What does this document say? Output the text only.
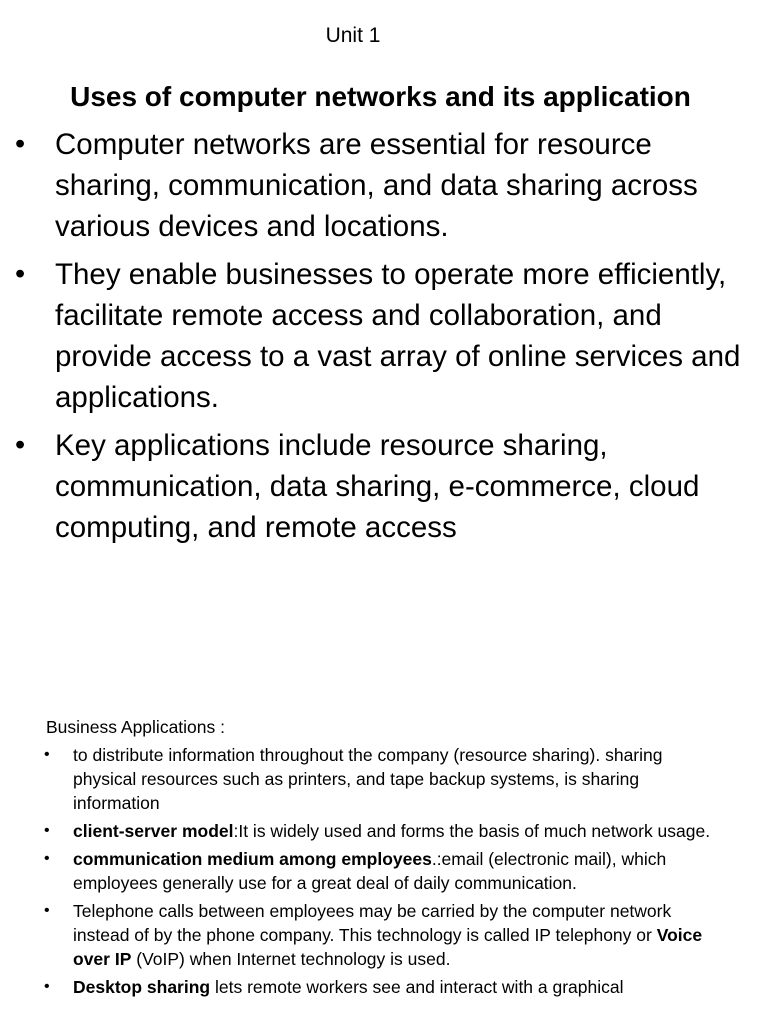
Unit 1
Uses of computer networks and its application
• Computer networks are essential for resource sharing, communication, and data sharing across various devices and locations.
• They enable businesses to operate more efficiently, facilitate remote access and collaboration, and provide access to a vast array of online services and applications.
• Key applications include resource sharing, communication, data sharing, e-commerce, cloud computing, and remote access
Business Applications :
• to distribute information throughout the company (resource sharing). sharing physical resources such as printers, and tape backup systems, is sharing information
• client-server model:It is widely used and forms the basis of much network usage.
• communication medium among employees.:email (electronic mail), which employees generally use for a great deal of daily communication.
• Telephone calls between employees may be carried by the computer network instead of by the phone company. This technology is called IP telephony or Voice over IP (VoIP) when Internet technology is used.
• Desktop sharing lets remote workers see and interact with a graphical
